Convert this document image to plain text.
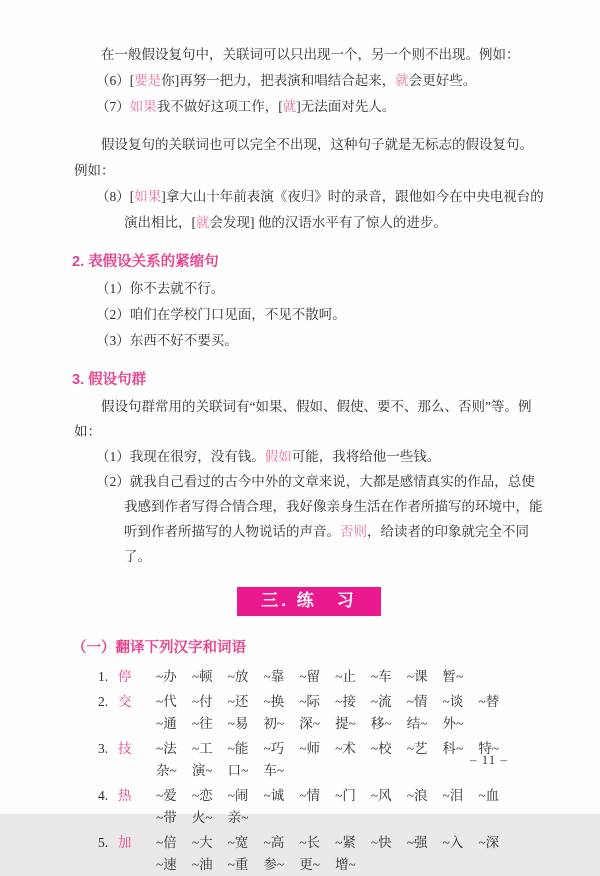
在一般假设复句中，关联词可以只出现一个，另一个则不出现。例如：

（6）[要是你]再努一把力，把表演和唱结合起来，就会更好些。

（7）如果我不做好这项工作，[就]无法面对先人。

假设复句的关联词也可以完全不出现，这种句子就是无标志的假设复句。例如：

（8）[如果]拿大山十年前表演《夜归》时的录音，跟他如今在中央电视台的演出相比，[就会发现] 他的汉语水平有了惊人的进步。

2. 表假设关系的紧缩句

（1）你不去就不行。

（2）咱们在学校门口见面，不见不散呵。

（3）东西不好不要买。

3. 假设句群

假设句群常用的关联词有“如果、假如、假使、要不、那么、否则”等。例如：

（1）我现在很穷，没有钱。假如可能，我将给他一些钱。

（2）就我自己看过的古今中外的文章来说，大都是感情真实的作品，总使我感到作者写得合情合理，我好像亲身生活在作者所描写的环境中，能听到作者所描写的人物说话的声音。否则，给读者的印象就完全不同了。

三. 练　习
（一）翻译下列汉字和词语
1. 停	~办 ~顿 ~放 ~靠 ~留 ~止 ~车 ~课 暂~
2. 交	~代 ~付 ~还 ~换 ~际 ~接 ~流 ~情 ~谈 ~替
~通 ~往 ~易 初~ 深~ 提~ 移~ 结~ 外~
3. 技	~法 ~工 ~能 ~巧 ~师 ~术 ~校 ~艺 科~ 特~
杂~ 演~ 口~ 车~
4. 热	~爱 ~恋 ~闹 ~诚 ~情 ~门 ~风 ~浪 ~泪 ~血
~带 火~ 亲~
5. 加	~倍 ~大 ~宽 ~高 ~长 ~紧 ~快 ~强 ~入 ~深
~速 ~油 ~重 参~ 更~ 增~
– 11 –
